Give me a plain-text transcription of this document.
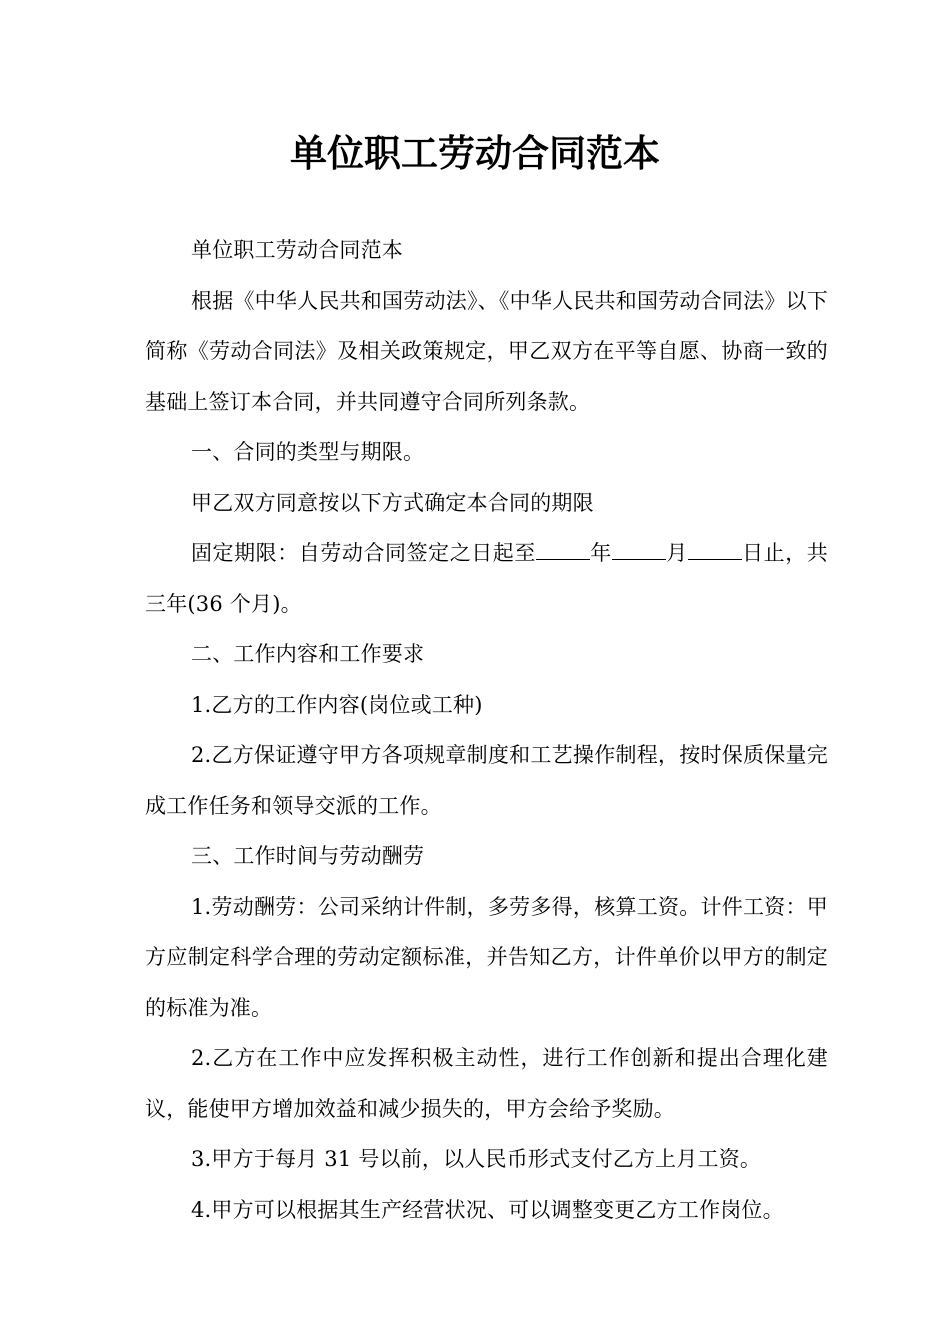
单位职工劳动合同范本

单位职工劳动合同范本

根据《中华人民共和国劳动法》、《中华人民共和国劳动合同法》以下简称《劳动合同法》及相关政策规定，甲乙双方在平等自愿、协商一致的基础上签订本合同，并共同遵守合同所列条款。

一、合同的类型与期限。

甲乙双方同意按以下方式确定本合同的期限

固定期限：自劳动合同签定之日起至	年	月	日止，共三年(36 个月)。

二、工作内容和工作要求

1.乙方的工作内容(岗位或工种)

2.乙方保证遵守甲方各项规章制度和工艺操作制程，按时保质保量完成工作任务和领导交派的工作。

三、工作时间与劳动酬劳

1.劳动酬劳：公司采纳计件制，多劳多得，核算工资。计件工资：甲方应制定科学合理的劳动定额标准，并告知乙方，计件单价以甲方的制定的标准为准。

2.乙方在工作中应发挥积极主动性，进行工作创新和提出合理化建议，能使甲方增加效益和减少损失的，甲方会给予奖励。

3.甲方于每月 31 号以前，以人民币形式支付乙方上月工资。

4.甲方可以根据其生产经营状况、可以调整变更乙方工作岗位。
